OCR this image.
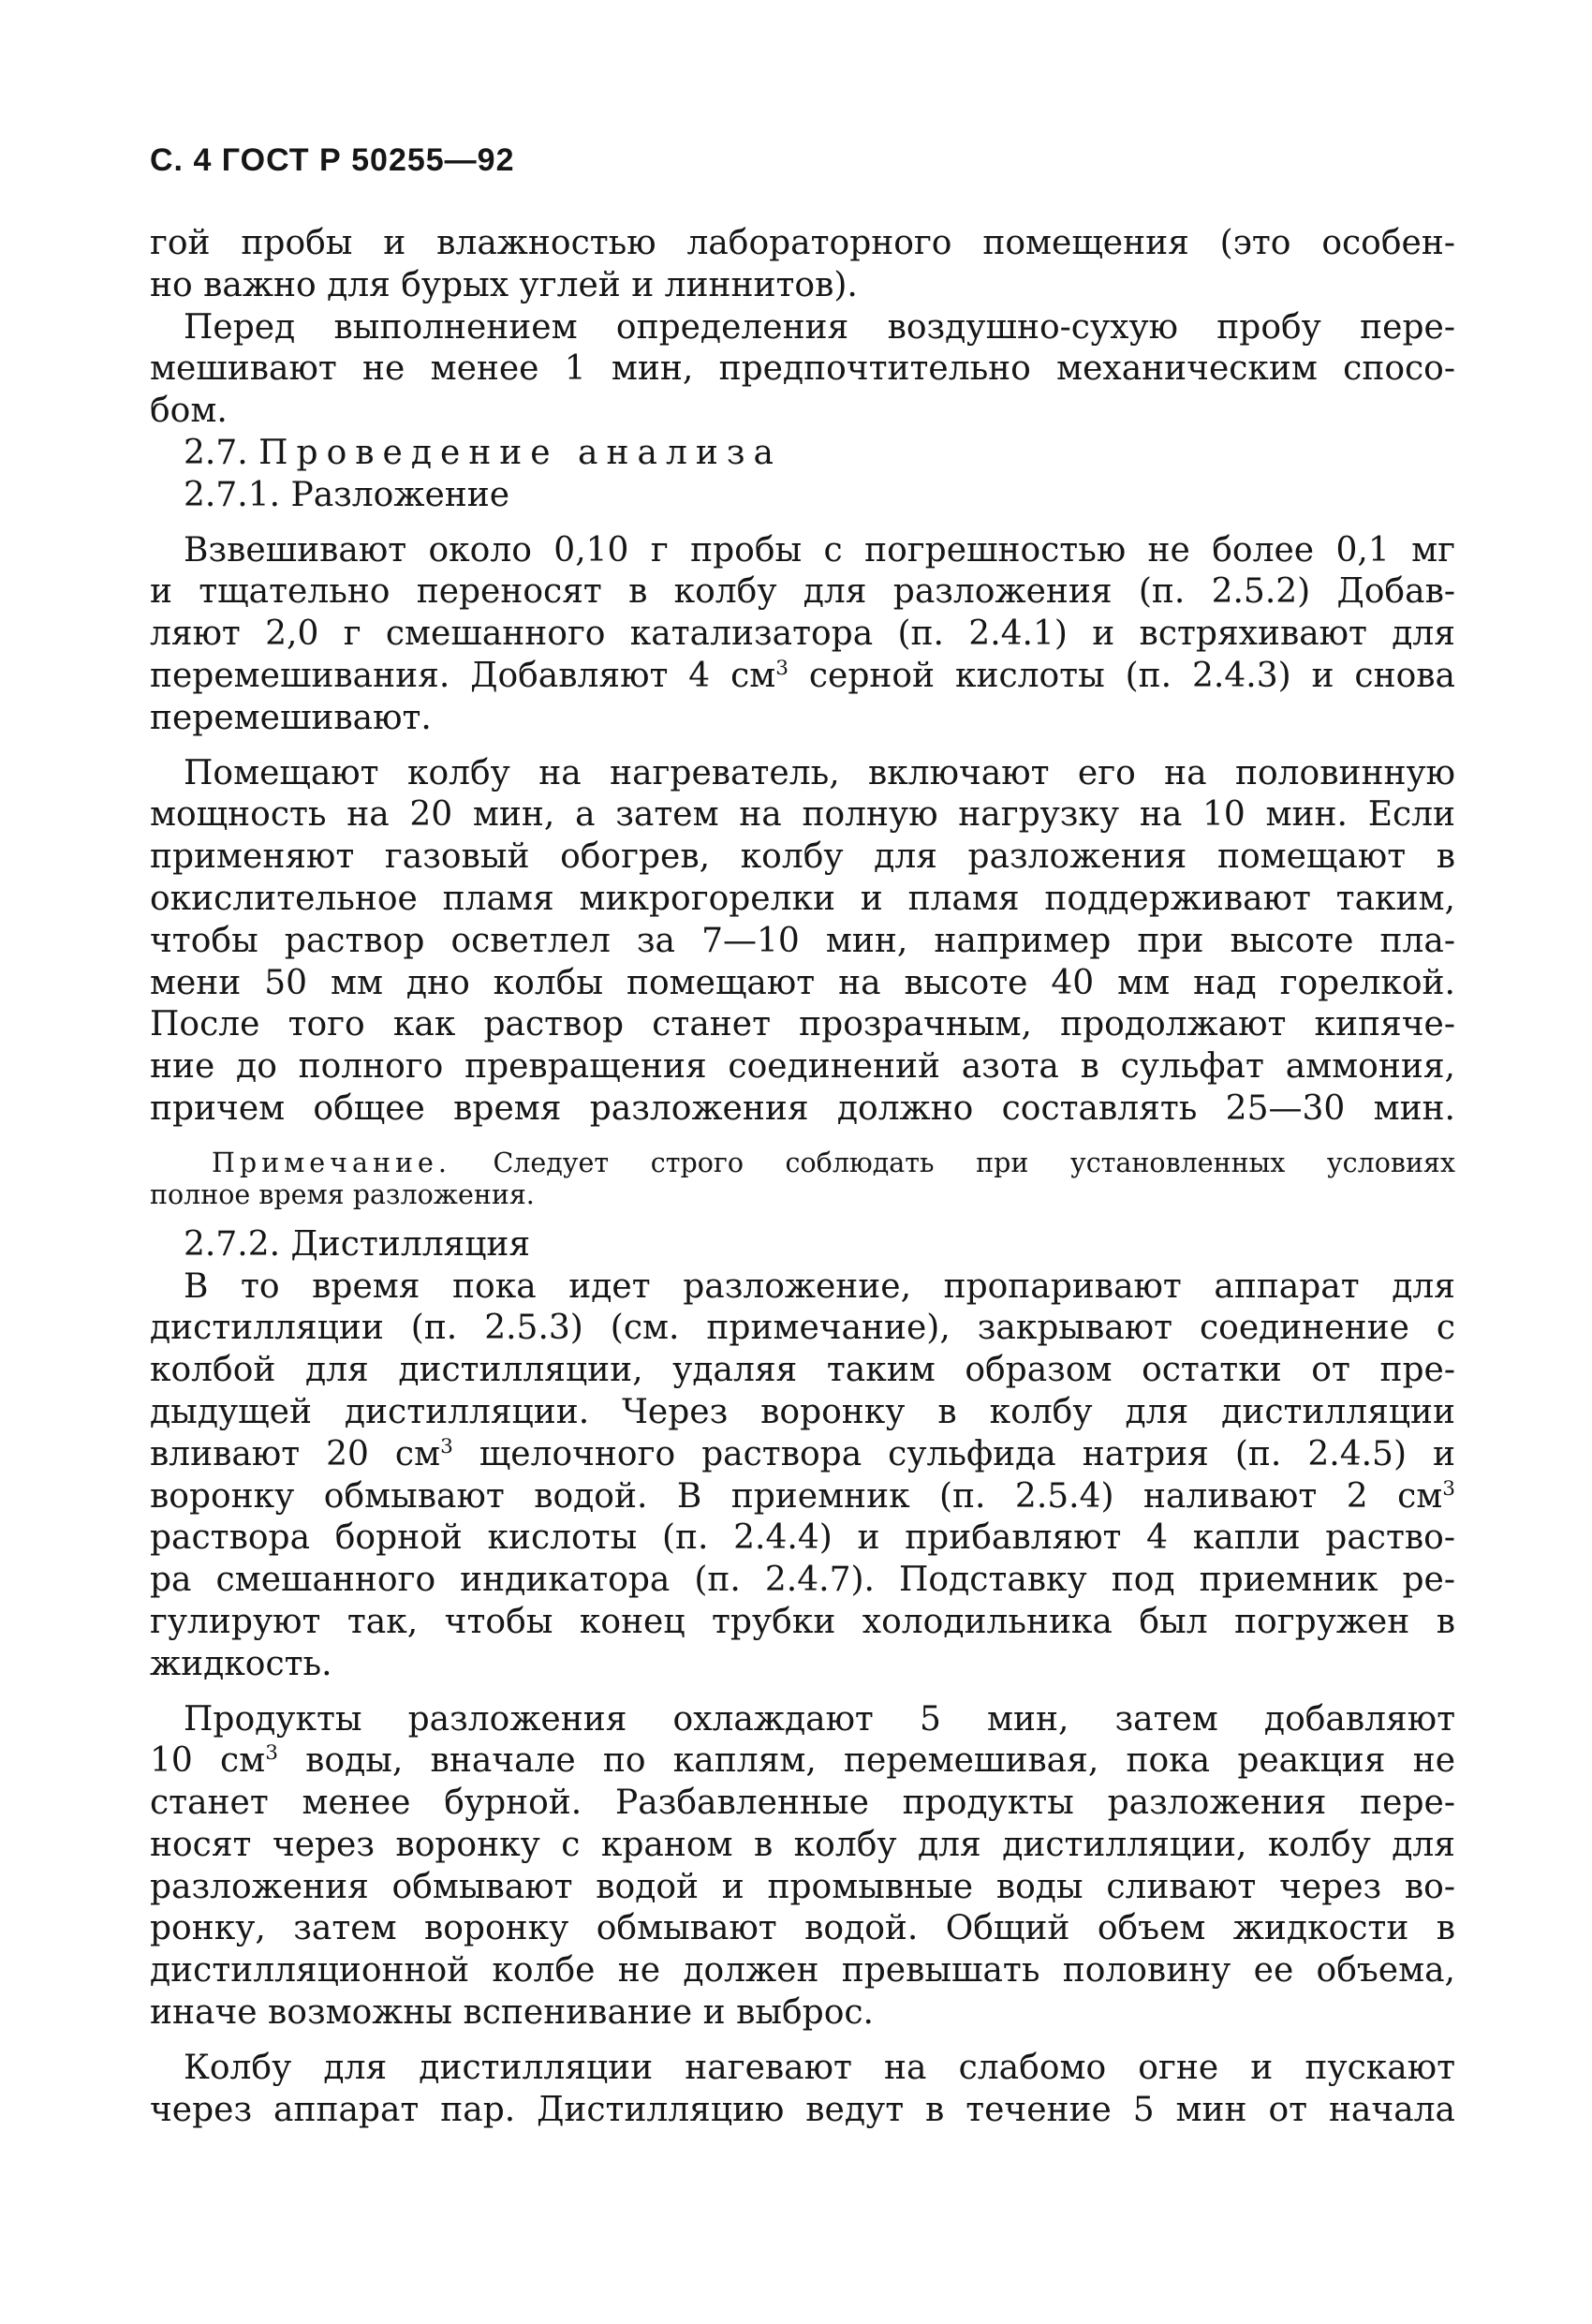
С. 4 ГОСТ Р 50255—92
гой пробы и влажностью лабораторного помещения (это особен-
но важно для бурых углей и линнитов).
Перед выполнением определения воздушно-сухую пробу пере-
мешивают не менее 1 мин, предпочтительно механическим спосо-
бом.
2.7. Проведение анализа
2.7.1. Разложение
Взвешивают около 0,10 г пробы с погрешностью не более 0,1 мг
и тщательно переносят в колбу для разложения (п. 2.5.2) Добав-
ляют 2,0 г смешанного катализатора (п. 2.4.1) и встряхивают для
перемешивания. Добавляют 4 $см^3$ серной кислоты (п. 2.4.3) и снова
перемешивают.
Помещают колбу на нагреватель, включают его на половинную
мощность на 20 мин, а затем на полную нагрузку на 10 мин. Если
применяют газовый обогрев, колбу для разложения помещают в
окислительное пламя микрогорелки и пламя поддерживают таким,
чтобы раствор осветлел за 7—10 мин, например при высоте пла-
мени 50 мм дно колбы помещают на высоте 40 мм над горелкой.
После того как раствор станет прозрачным, продолжают кипяче-
ние до полного превращения соединений азота в сульфат аммония,
причем общее время разложения должно составлять 25—30 мин.
Примечание. Следует строго соблюдать при установленных условиях
полное время разложения.
2.7.2. Дистилляция
В то время пока идет разложение, пропаривают аппарат для
дистилляции (п. 2.5.3) (см. примечание), закрывают соединение с
колбой для дистилляции, удаляя таким образом остатки от пре-
дыдущей дистилляции. Через воронку в колбу для дистилляции
вливают 20 $см^3$ щелочного раствора сульфида натрия (п. 2.4.5) и
воронку обмывают водой. В приемник (п. 2.5.4) наливают 2 $см^3$
раствора борной кислоты (п. 2.4.4) и прибавляют 4 капли раство-
ра смешанного индикатора (п. 2.4.7). Подставку под приемник ре-
гулируют так, чтобы конец трубки холодильника был погружен в
жидкость.
Продукты разложения охлаждают 5 мин, затем добавляют
10 $см^3$ воды, вначале по каплям, перемешивая, пока реакция не
станет менее бурной. Разбавленные продукты разложения пере-
носят через воронку с краном в колбу для дистилляции, колбу для
разложения обмывают водой и промывные воды сливают через во-
ронку, затем воронку обмывают водой. Общий объем жидкости в
дистилляционной колбе не должен превышать половину ее объема,
иначе возможны вспенивание и выброс.
Колбу для дистилляции нагевают на слабомо огне и пускают
через аппарат пар. Дистилляцию ведут в течение 5 мин от начала
